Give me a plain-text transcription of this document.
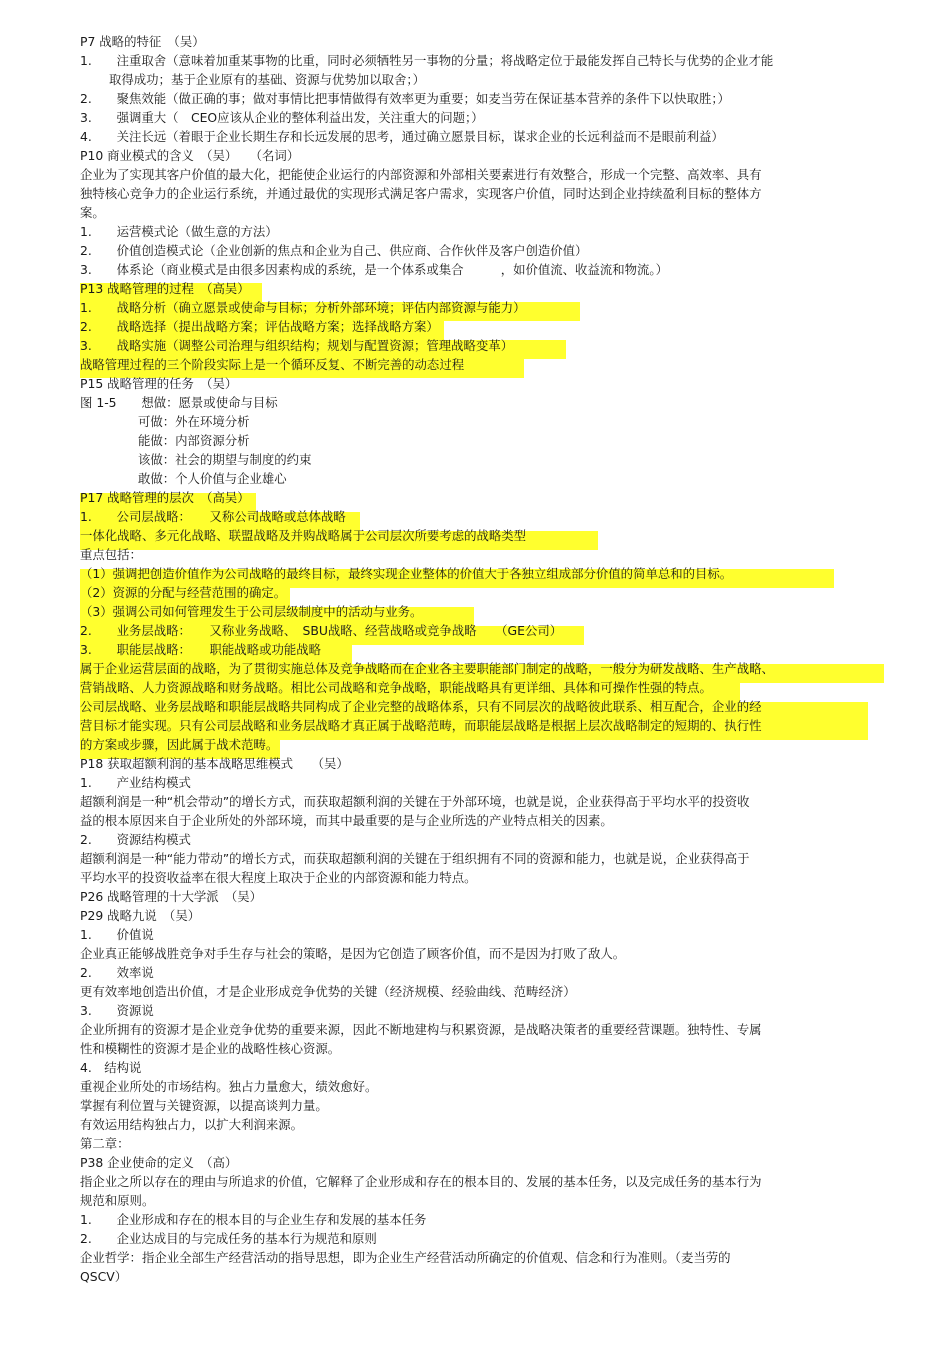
P7 战略的特征　（吴）
1.　　注重取舍（意味着加重某事物的比重，同时必须牺牲另一事物的分量；将战略定位于最能发挥自己特长与优势的企业才能
取得成功；基于企业原有的基础、资源与优势加以取舍；）
2.　　聚焦效能（做正确的事；做对事情比把事情做得有效率更为重要；如麦当劳在保证基本营养的条件下以快取胜；）
3.　　强调重大（　CEO应该从企业的整体利益出发，关注重大的问题；）
4.　　关注长远（着眼于企业长期生存和长远发展的思考，通过确立愿景目标，谋求企业的长远利益而不是眼前利益）
P10 商业模式的含义　（吴）　　（名词）
企业为了实现其客户价值的最大化，把能使企业运行的内部资源和外部相关要素进行有效整合，形成一个完整、高效率、具有
独特核心竞争力的企业运行系统，并通过最优的实现形式满足客户需求，实现客户价值，同时达到企业持续盈利目标的整体方
案。
1.　　运营模式论（做生意的方法）
2.　　价值创造模式论（企业创新的焦点和企业为自己、供应商、合作伙伴及客户创造价值）
3.　　体系论（商业模式是由很多因素构成的系统，是一个体系或集合　　　，如价值流、收益流和物流。）
P13 战略管理的过程　（高吴）
1.　　战略分析（确立愿景或使命与目标；分析外部环境；评估内部资源与能力）
2.　　战略选择（提出战略方案；评估战略方案；选择战略方案）
3.　　战略实施（调整公司治理与组织结构；规划与配置资源；管理战略变革）
战略管理过程的三个阶段实际上是一个循环反复、不断完善的动态过程
P15 战略管理的任务　（吴）
图 1-5　　想做：愿景或使命与目标
可做：外在环境分析
能做：内部资源分析
该做：社会的期望与制度的约束
敢做：个人价值与企业雄心
P17 战略管理的层次　（高吴）
1.　　公司层战略：　　又称公司战略或总体战略
一体化战略、多元化战略、联盟战略及并购战略属于公司层次所要考虑的战略类型
重点包括：
（1）强调把创造价值作为公司战略的最终目标，最终实现企业整体的价值大于各独立组成部分价值的简单总和的目标。
（2）资源的分配与经营范围的确定。
（3）强调公司如何管理发生于公司层级制度中的活动与业务。
2.　　业务层战略：　　又称业务战略、　SBU战略、经营战略或竞争战略　　（GE公司）
3.　　职能层战略：　　职能战略或功能战略
属于企业运营层面的战略，为了贯彻实施总体及竞争战略而在企业各主要职能部门制定的战略，一般分为研发战略、生产战略、
营销战略、人力资源战略和财务战略。相比公司战略和竞争战略，职能战略具有更详细、具体和可操作性强的特点。
公司层战略、业务层战略和职能层战略共同构成了企业完整的战略体系，只有不同层次的战略彼此联系、相互配合，企业的经
营目标才能实现。只有公司层战略和业务层战略才真正属于战略范畴，而职能层战略是根据上层次战略制定的短期的、执行性
的方案或步骤，因此属于战术范畴。
P18 获取超额利润的基本战略思维模式　　（吴）
1.　　产业结构模式
超额利润是一种“机会带动”的增长方式，而获取超额利润的关键在于外部环境，也就是说，企业获得高于平均水平的投资收
益的根本原因来自于企业所处的外部环境，而其中最重要的是与企业所选的产业特点相关的因素。
2.　　资源结构模式
超额利润是一种“能力带动”的增长方式，而获取超额利润的关键在于组织拥有不同的资源和能力，也就是说，企业获得高于
平均水平的投资收益率在很大程度上取决于企业的内部资源和能力特点。
P26 战略管理的十大学派　（吴）
P29 战略九说　（吴）
1.　　价值说
企业真正能够战胜竞争对手生存与社会的策略，是因为它创造了顾客价值，而不是因为打败了敌人。
2.　　效率说
更有效率地创造出价值，才是企业形成竞争优势的关键（经济规模、经验曲线、范畴经济）
3.　　资源说
企业所拥有的资源才是企业竞争优势的重要来源，因此不断地建构与积累资源，是战略决策者的重要经营课题。独特性、专属
性和模糊性的资源才是企业的战略性核心资源。
4.　结构说
重视企业所处的市场结构。独占力量愈大，绩效愈好。
掌握有利位置与关键资源，以提高谈判力量。
有效运用结构独占力，以扩大利润来源。
第二章：
P38 企业使命的定义　（高）
指企业之所以存在的理由与所追求的价值，它解释了企业形成和存在的根本目的、发展的基本任务，以及完成任务的基本行为
规范和原则。
1.　　企业形成和存在的根本目的与企业生存和发展的基本任务
2.　　企业达成目的与完成任务的基本行为规范和原则
企业哲学：指企业全部生产经营活动的指导思想，即为企业生产经营活动所确定的价值观、信念和行为准则。（麦当劳的
QSCV）
